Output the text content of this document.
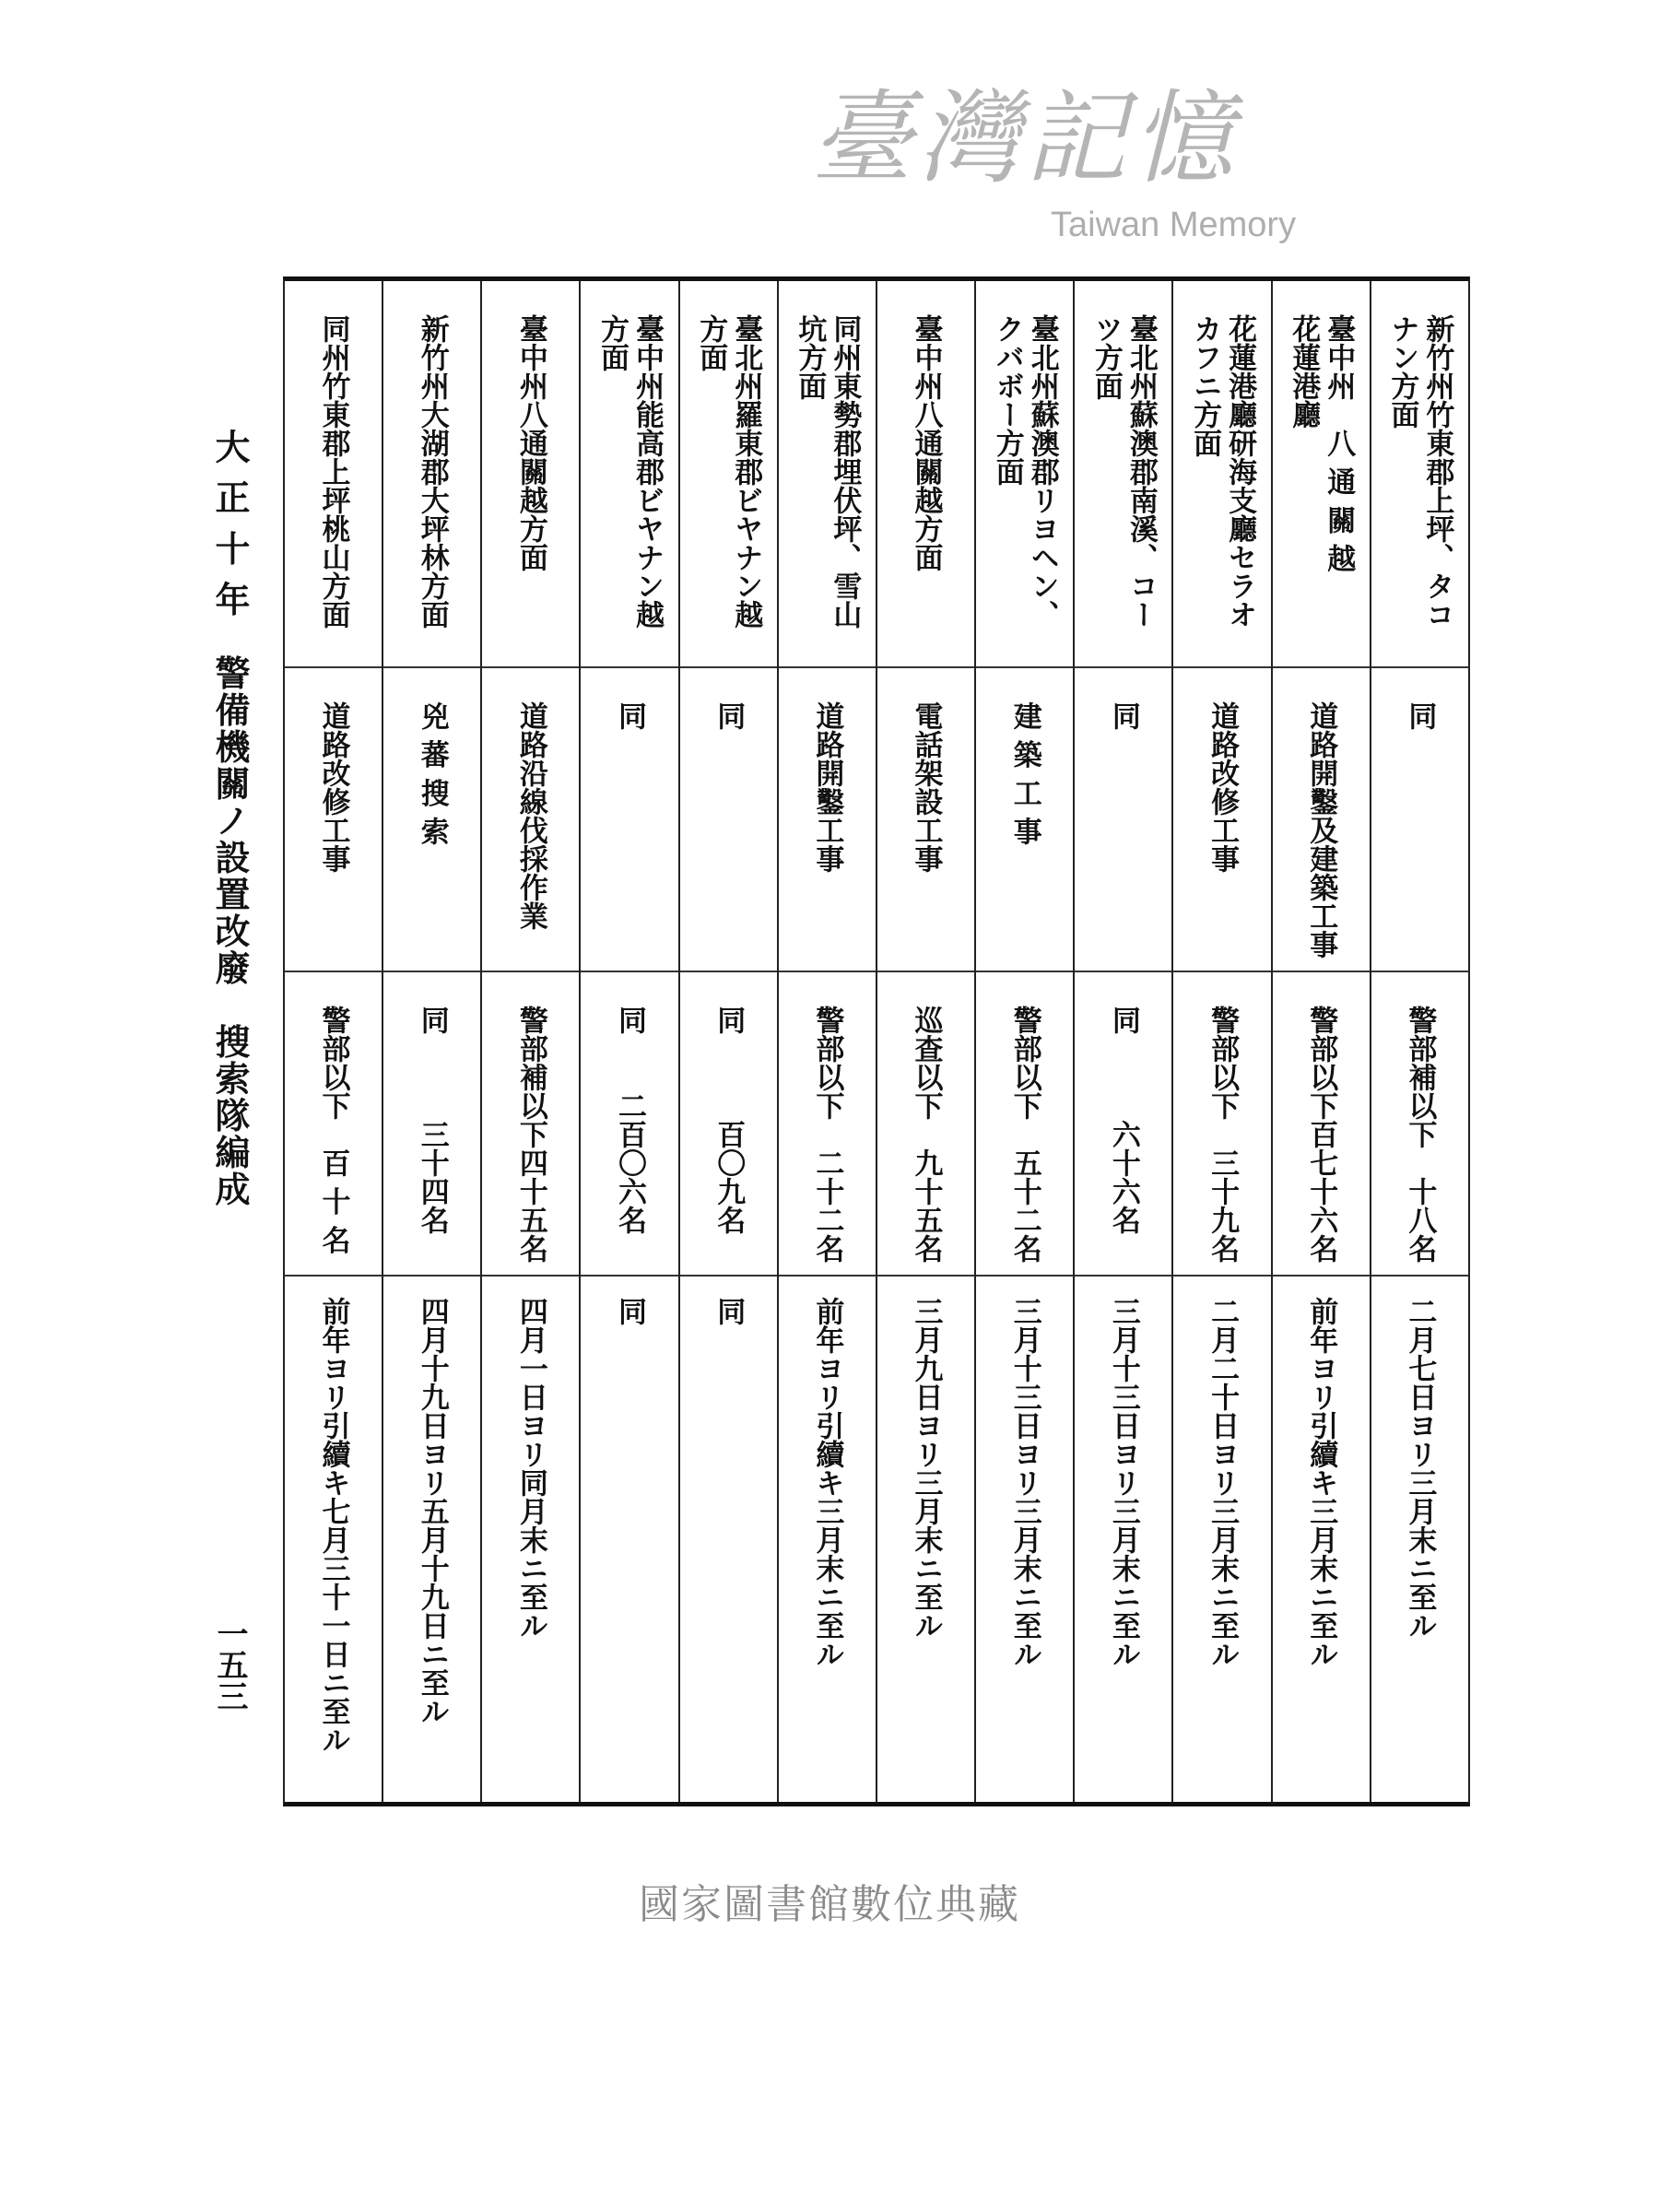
臺灣記憶
Taiwan Memory
大 正 十 年　警備機關ノ設置改廢　搜索隊編成
一五三
新竹州竹東郡上坪、タコ
ナン方面
同
警部補以下　十八名
二月七日ヨリ三月末ニ至ル
臺中州　八 通 關 越
花蓮港廳
道路開鑿及建築工事
警部以下百七十六名
前年ヨリ引續キ三月末ニ至ル
花蓮港廳研海支廳セラオ
カフニ方面
道路改修工事
警部以下　三十九名
二月二十日ヨリ三月末ニ至ル
臺北州蘇澳郡南溪、コー
ツ方面
同
同　　　六十六名
三月十三日ヨリ三月末ニ至ル
臺北州蘇澳郡リヨヘン、
クバボー方面
建 築 工 事
警部以下　五十二名
三月十三日ヨリ三月末ニ至ル
臺中州八通關越方面
電話架設工事
巡查以下　九十五名
三月九日ヨリ三月末ニ至ル
同州東勢郡埋伏坪、雪山
坑方面
道路開鑿工事
警部以下　二十二名
前年ヨリ引續キ三月末ニ至ル
臺北州羅東郡ビヤナン越
方面
同
同　　　百〇九名
同
臺中州能高郡ビヤナン越
方面
同
同　　二百〇六名
同
臺中州八通關越方面
道路沿線伐採作業
警部補以下四十五名
四月一日ヨリ同月末ニ至ル
新竹州大湖郡大坪林方面
兇 蕃 搜 索
同　　　三十四名
四月十九日ヨリ五月十九日ニ至ル
同州竹東郡上坪桃山方面
道路改修工事
警部以下　百 十 名
前年ヨリ引續キ七月三十一日ニ至ル
國家圖書館數位典藏
